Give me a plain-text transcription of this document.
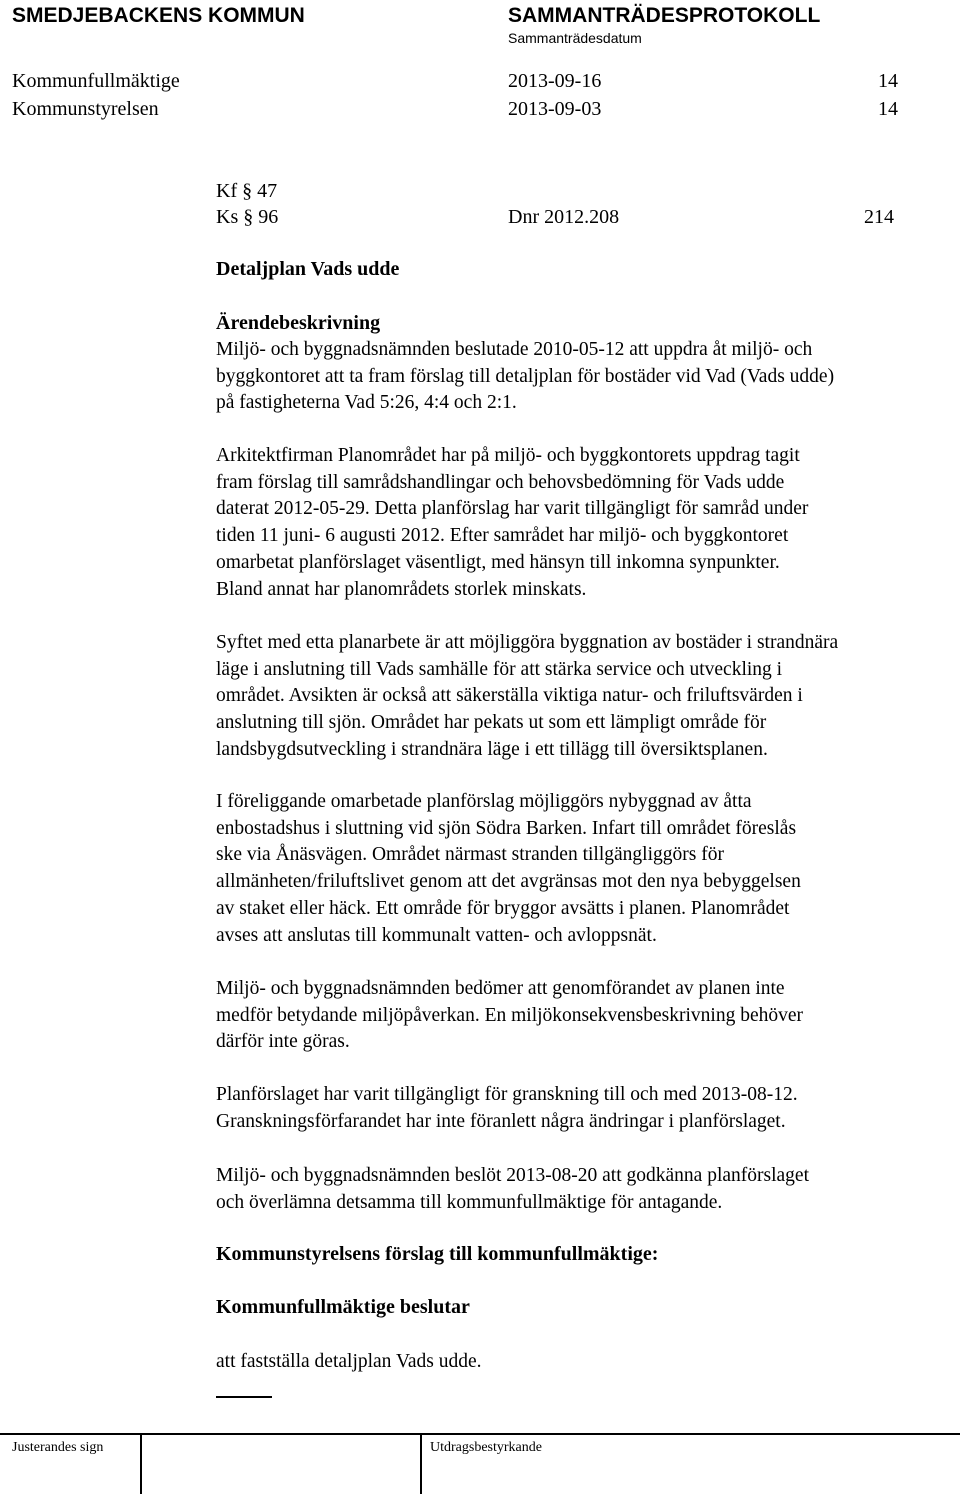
SMEDJEBACKENS KOMMUN	SAMMANTRÄDESPROTOKOLL
Sammanträdesdatum
Kommunfullmäktige	2013-09-16	14
Kommunstyrelsen	2013-09-03	14
Kf § 47
Ks § 96	Dnr 2012.208	214
Detaljplan Vads udde
Ärendebeskrivning
Miljö- och byggnadsnämnden beslutade 2010-05-12 att uppdra åt miljö- och
byggkontoret att ta fram förslag till detaljplan för bostäder vid Vad (Vads udde)
på fastigheterna Vad 5:26, 4:4 och 2:1.
Arkitektfirman Planområdet har på miljö- och byggkontorets uppdrag tagit
fram förslag till samrådshandlingar och behovsbedömning för Vads udde
daterat 2012-05-29. Detta planförslag har varit tillgängligt för samråd under
tiden 11 juni- 6 augusti 2012. Efter samrådet har miljö- och byggkontoret
omarbetat planförslaget väsentligt, med hänsyn till inkomna synpunkter.
Bland annat har planområdets storlek minskats.
Syftet med etta planarbete är att möjliggöra byggnation av bostäder i strandnära
läge i anslutning till Vads samhälle för att stärka service och utveckling i
området. Avsikten är också att säkerställa viktiga natur- och friluftsvärden i
anslutning till sjön. Området har pekats ut som ett lämpligt område för
landsbygdsutveckling i strandnära läge i ett tillägg till översiktsplanen.
I föreliggande omarbetade planförslag möjliggörs nybyggnad av åtta
enbostadshus i sluttning vid sjön Södra Barken. Infart till området föreslås
ske via Ånäsvägen. Området närmast stranden tillgängliggörs för
allmänheten/friluftslivet genom att det avgränsas mot den nya bebyggelsen
av staket eller häck. Ett område för bryggor avsätts i planen. Planområdet
avses att anslutas till kommunalt vatten- och avloppsnät.
Miljö- och byggnadsnämnden bedömer att genomförandet av planen inte
medför betydande miljöpåverkan. En miljökonsekvensbeskrivning behöver
därför inte göras.
Planförslaget har varit tillgängligt för granskning till och med 2013-08-12.
Granskningsförfarandet har inte föranlett några ändringar i planförslaget.
Miljö- och byggnadsnämnden beslöt 2013-08-20 att godkänna planförslaget
och överlämna detsamma till kommunfullmäktige för antagande.
Kommunstyrelsens förslag till kommunfullmäktige:
Kommunfullmäktige beslutar
att fastställa detaljplan Vads udde.
Justerandes sign	Utdragsbestyrkande
